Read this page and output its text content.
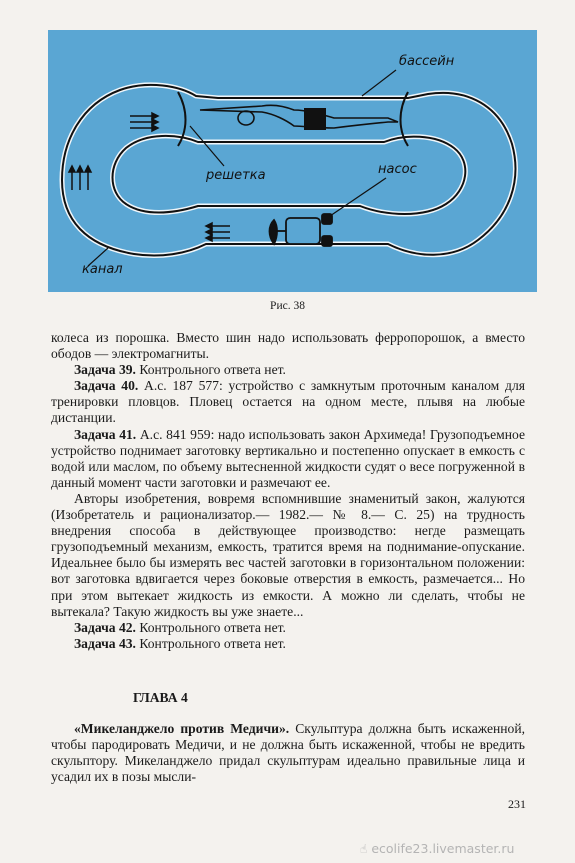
бассейн
решетка	насос
канал
Рис. 38

колеса из порошка. Вместо шин надо использовать ферропорошок, а вместо ободов — электромагниты.

Задача 39. Контрольного ответа нет.

Задача 40. А.с. 187 577: устройство с замкнутым проточным каналом для тренировки пловцов. Пловец остается на одном месте, плывя на любые дистанции.

Задача 41. А.с. 841 959: надо использовать закон Архимеда! Грузоподъемное устройство поднимает заготовку вертикально и постепенно опускает в емкость с водой или маслом, по объему вытесненной жидкости судят о весе погруженной в данный момент части заготовки и размечают ее.

Авторы изобретения, вовремя вспомнившие знаменитый закон, жалуются (Изобретатель и рационализатор.— 1982.— № 8.— С. 25) на трудность внедрения способа в действующее производство: негде размещать грузоподъемный механизм, емкость, тратится время на поднимание-опускание. Идеальнее было бы измерять вес частей заготовки в горизонтальном положении: вот заготовка вдвигается через боковые отверстия в емкость, размечается... Но при этом вытекает жидкость из емкости. А можно ли сделать, чтобы не вытекала? Такую жидкость вы уже знаете...

Задача 42. Контрольного ответа нет.

Задача 43. Контрольного ответа нет.

ГЛАВА 4

«Микеланджело против Медичи». Скульптура должна быть искаженной, чтобы пародировать Медичи, и не должна быть искаженной, чтобы не вредить скульптору. Микеланджело придал скульптурам идеально правильные лица и усадил их в позы мысли-

231
☝ ecolife23.livemaster.ru
